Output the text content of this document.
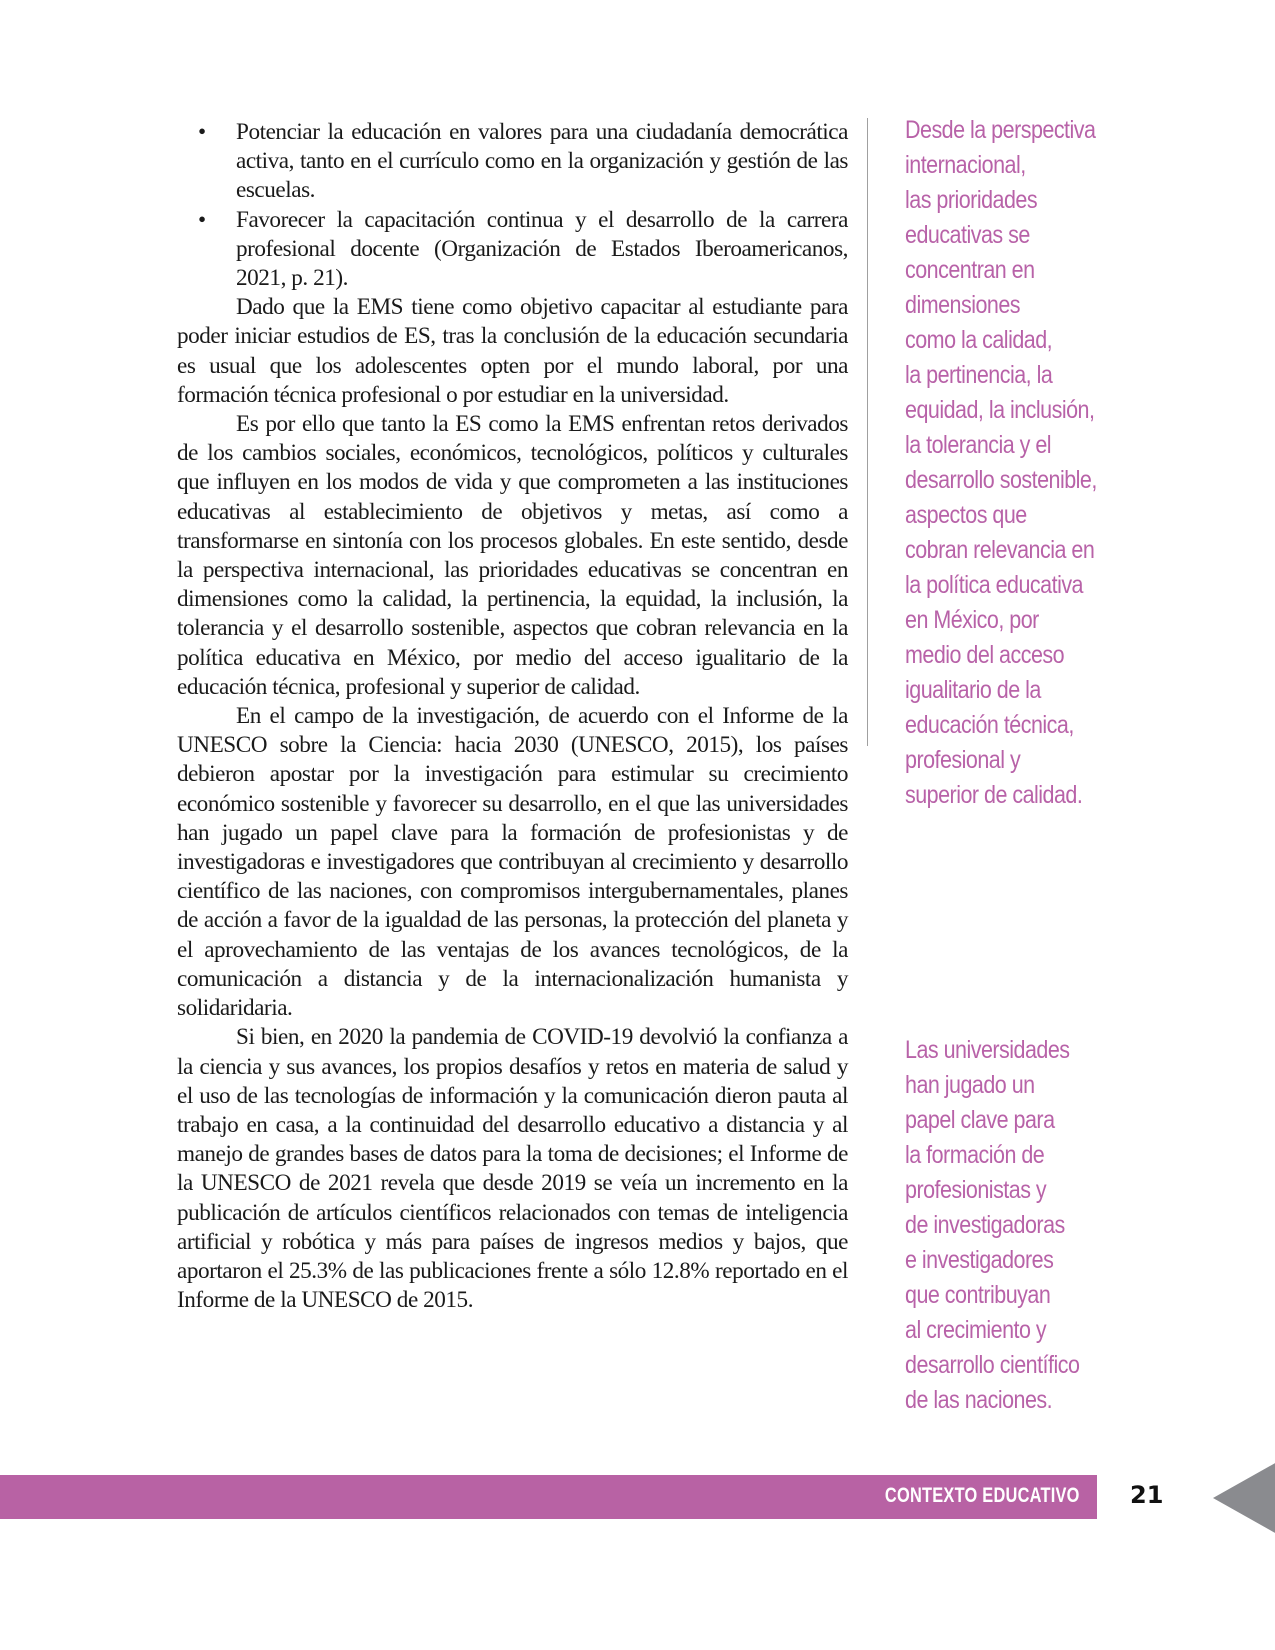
• Potenciar la educación en valores para una ciudadanía democrática activa, tanto en el currículo como en la organización y gestión de las escuelas.
• Favorecer la capacitación continua y el desarrollo de la carrera profesional docente (Organización de Estados Iberoamericanos, 2021, p. 21).

Dado que la EMS tiene como objetivo capacitar al estudiante para poder iniciar estudios de ES, tras la conclusión de la educación secundaria es usual que los adolescentes opten por el mundo laboral, por una formación técnica profesional o por estudiar en la universidad.

Es por ello que tanto la ES como la EMS enfrentan retos derivados de los cambios sociales, económicos, tecnológicos, políticos y culturales que influyen en los modos de vida y que comprometen a las instituciones educativas al establecimiento de objetivos y metas, así como a transformarse en sintonía con los procesos globales. En este sentido, desde la perspectiva internacional, las prioridades educativas se concentran en dimensiones como la calidad, la pertinencia, la equidad, la inclusión, la tolerancia y el desarrollo sostenible, aspectos que cobran relevancia en la política educativa en México, por medio del acceso igualitario de la educación técnica, profesional y superior de calidad.

En el campo de la investigación, de acuerdo con el Informe de la UNESCO sobre la Ciencia: hacia 2030 (UNESCO, 2015), los países debieron apostar por la investigación para estimular su crecimiento económico sostenible y favorecer su desarrollo, en el que las universidades han jugado un papel clave para la formación de profesionistas y de investigadoras e investigadores que contribuyan al crecimiento y desarrollo científico de las naciones, con compromisos intergubernamentales, planes de acción a favor de la igualdad de las personas, la protección del planeta y el aprovechamiento de las ventajas de los avances tecnológicos, de la comunicación a distancia y de la internacionalización humanista y solidaridaria.

Si bien, en 2020 la pandemia de COVID-19 devolvió la confianza a la ciencia y sus avances, los propios desafíos y retos en materia de salud y el uso de las tecnologías de información y la comunicación dieron pauta al trabajo en casa, a la continuidad del desarrollo educativo a distancia y al manejo de grandes bases de datos para la toma de decisiones; el Informe de la UNESCO de 2021 revela que desde 2019 se veía un incremento en la publicación de artículos científicos relacionados con temas de inteligencia artificial y robótica y más para países de ingresos medios y bajos, que aportaron el 25.3% de las publicaciones frente a sólo 12.8% reportado en el Informe de la UNESCO de 2015.

Desde la perspectiva
internacional,
las prioridades
educativas se
concentran en
dimensiones
como la calidad,
la pertinencia, la
equidad, la inclusión,
la tolerancia y el
desarrollo sostenible,
aspectos que
cobran relevancia en
la política educativa
en México, por
medio del acceso
igualitario de la
educación técnica,
profesional y
superior de calidad.
Las universidades
han jugado un
papel clave para
la formación de
profesionistas y
de investigadoras
e investigadores
que contribuyan
al crecimiento y
desarrollo científico
de las naciones.
CONTEXTO EDUCATIVO 21
